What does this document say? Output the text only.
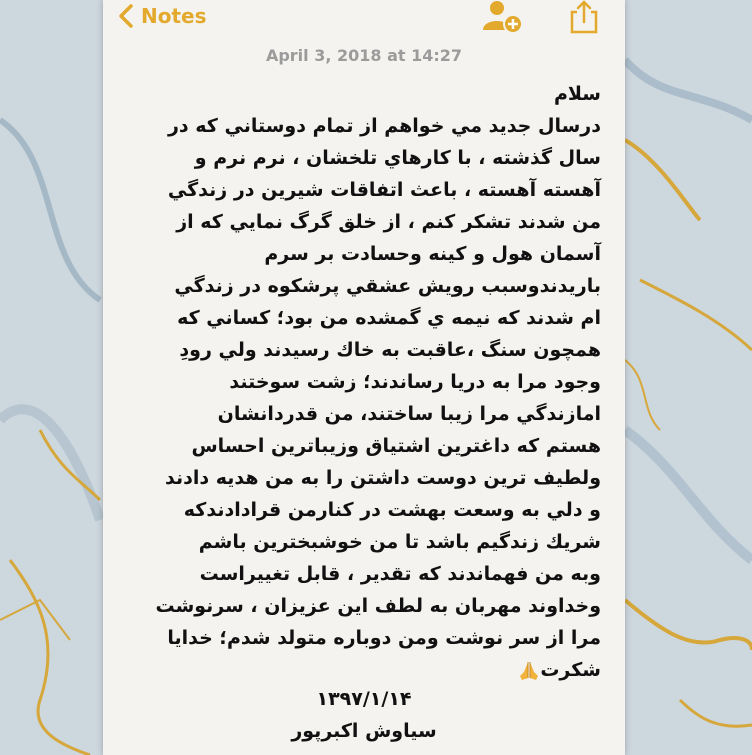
Notes
April 3, 2018 at 14:27
سلام
درسال جديد مي خواهم از تمام دوستاني كه در
سال گذشته ، با كارهاي تلخشان ، نرم نرم و
آهسته آهسته ، باعث اتفاقات شيرين در زندگي
من شدند تشكر كنم ، از خلق گرگ نمايي كه از
آسمان هول و كينه وحسادت بر سرم
باريدندوسبب رويش عشقي پرشكوه در زندگي
ام شدند كه نيمه ي گمشده من بود؛ كساني كه
همچون سنگ ،عاقبت به خاك رسيدند ولي رودِ
وجود مرا به دريا رساندند؛ زشت سوختند
امازندگي مرا زيبا ساختند، من قدردانشان
هستم كه داغترين اشتياق وزيباترين احساس
ولطيف ترين دوست داشتن را به من هديه دادند
و دلي به وسعت بهشت در كنارمن قرادادندكه
شريك زندگيم باشد تا من خوشبخترين باشم
وبه من فهماندند كه تقدير ، قابل تغييراست
وخداوند مهربان به لطف اين عزيزان ، سرنوشت
مرا از سر نوشت ومن دوباره متولد شدم؛ خدايا
شكرت
۱۳۹۷/۱/۱۴
سياوش اكبرپور
